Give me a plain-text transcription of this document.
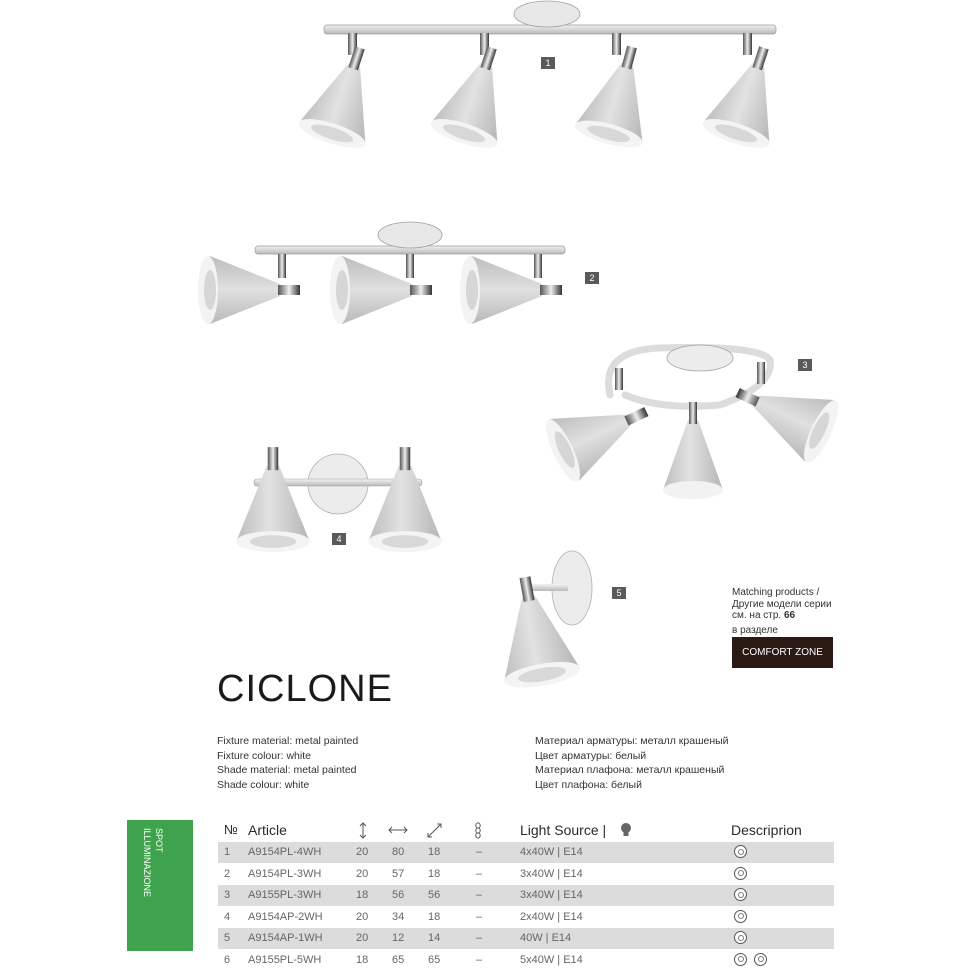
1
2
3
4
5	Matching products /
Другие модели серии
см. на стр. 66
в разделе
COMFORT ZONE
CICLONE
Fixture material: metal painted
Fixture colour: white
Shade material: metal painted
Shade colour: white
Материал арматуры: металл крашеный
Цвет арматуры: белый
Материал плафона: металл крашеный
Цвет плафона: белый
SPOT
ILLUMINAZIONE	№ Article	Light Source |	Descriprion
1 A9154PL-4WH	20 80 18	–	4x40W | E14
2 A9154PL-3WH	20 57 18	–	3x40W | E14
3 A9155PL-3WH	18 56 56	–	3x40W | E14
4 A9154AP-2WH	20 34 18	–	2x40W | E14
5 A9154AP-1WH	20 12 14	–	40W | E14
6 A9155PL-5WH	18 65 65	–	5x40W | E14
